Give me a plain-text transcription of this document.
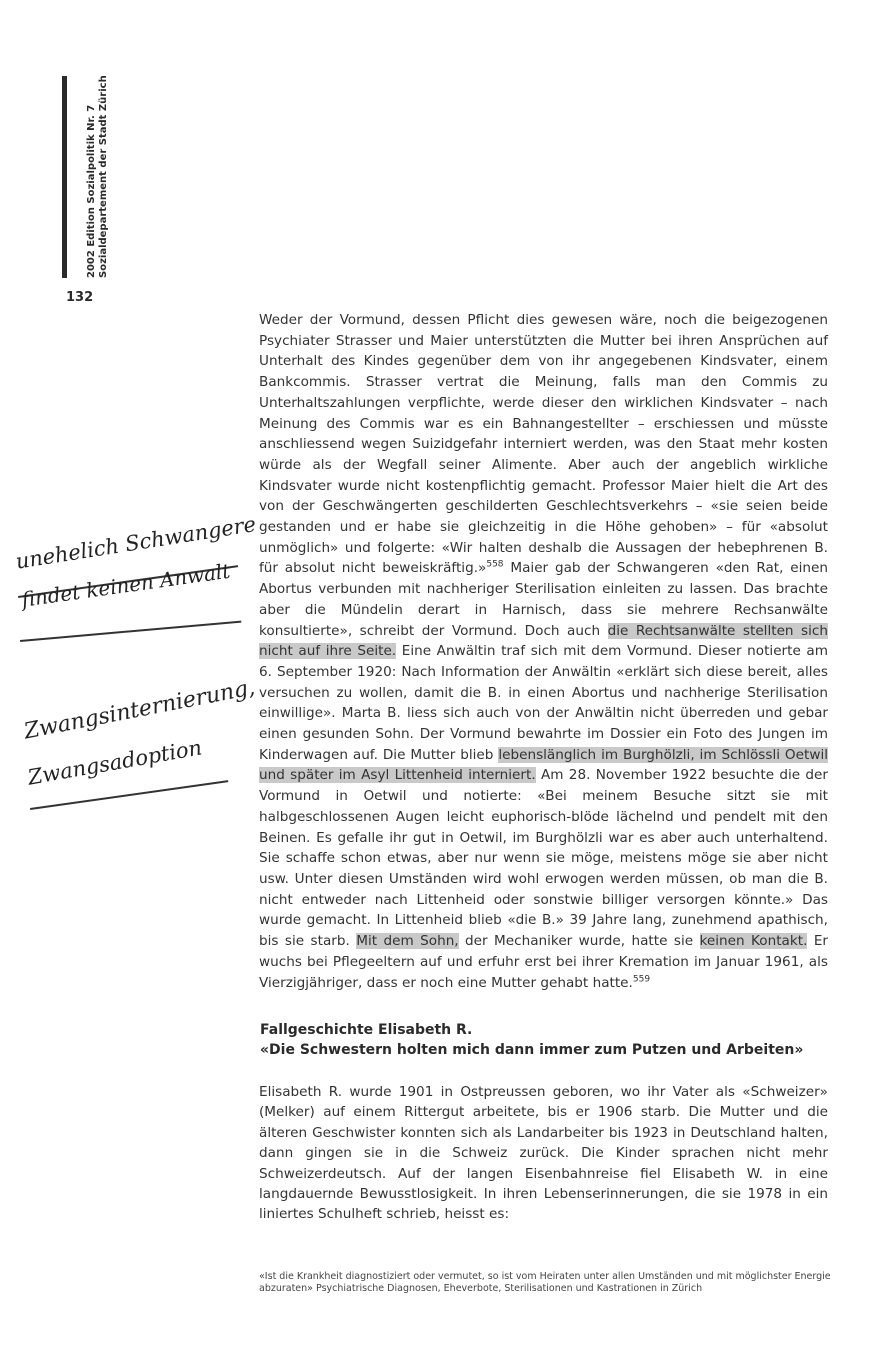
2002 Edition Sozialpolitik Nr. 7 Sozialdepartement der Stadt Zürich
132
unehelich Schwangere
findet keinen Anwalt
Zwangsinternierung,
Zwangsadoption

Weder der Vormund, dessen Pflicht dies gewesen wäre, noch die beigezogenen Psychiater Strasser und Maier unterstützten die Mutter bei ihren Ansprüchen auf Unterhalt des Kindes gegenüber dem von ihr angegebenen Kindsvater, einem Bankcommis. Strasser vertrat die Meinung, falls man den Commis zu Unterhaltszahlungen verpflichte, werde dieser den wirklichen Kindsvater – nach Meinung des Commis war es ein Bahnangestellter – erschiessen und müsste anschliessend wegen Suizidgefahr interniert werden, was den Staat mehr kosten würde als der Wegfall seiner Alimente. Aber auch der angeblich wirkliche Kindsvater wurde nicht kostenpflichtig gemacht. Professor Maier hielt die Art des von der Geschwängerten geschilderten Geschlechtsverkehrs – «sie seien beide gestanden und er habe sie gleichzeitig in die Höhe gehoben» – für «absolut unmöglich» und folgerte: «Wir halten deshalb die Aussagen der hebephrenen B. für absolut nicht beweiskräftig.»$^{558}$ Maier gab der Schwangeren «den Rat, einen Abortus verbunden mit nachheriger Sterilisation einleiten zu lassen. Das brachte aber die Mündelin derart in Harnisch, dass sie mehrere Rechsanwälte konsultierte», schreibt der Vormund. Doch auch die Rechtsanwälte stellten sich nicht auf ihre Seite. Eine Anwältin traf sich mit dem Vormund. Dieser notierte am 6. September 1920: Nach Information der Anwältin «erklärt sich diese bereit, alles versuchen zu wollen, damit die B. in einen Abortus und nachherige Sterilisation einwillige». Marta B. liess sich auch von der Anwältin nicht überreden und gebar einen gesunden Sohn. Der Vormund bewahrte im Dossier ein Foto des Jungen im Kinderwagen auf. Die Mutter blieb lebenslänglich im Burghölzli, im Schlössli Oetwil und später im Asyl Littenheid interniert. Am 28. November 1922 besuchte die der Vormund in Oetwil und notierte: «Bei meinem Besuche sitzt sie mit halbgeschlossenen Augen leicht euphorisch-blöde lächelnd und pendelt mit den Beinen. Es gefalle ihr gut in Oetwil, im Burghölzli war es aber auch unterhaltend. Sie schaffe schon etwas, aber nur wenn sie möge, meistens möge sie aber nicht usw. Unter diesen Umständen wird wohl erwogen werden müssen, ob man die B. nicht entweder nach Littenheid oder sonstwie billiger versorgen könnte.» Das wurde gemacht. In Littenheid blieb «die B.» 39 Jahre lang, zunehmend apathisch, bis sie starb. Mit dem Sohn, der Mechaniker wurde, hatte sie keinen Kontakt. Er wuchs bei Pflegeeltern auf und erfuhr erst bei ihrer Kremation im Januar 1961, als Vierzigjähriger, dass er noch eine Mutter gehabt hatte.$^{559}$

Fallgeschichte Elisabeth R.
«Die Schwestern holten mich dann immer zum Putzen und Arbeiten»

Elisabeth R. wurde 1901 in Ostpreussen geboren, wo ihr Vater als «Schweizer» (Melker) auf einem Rittergut arbeitete, bis er 1906 starb. Die Mutter und die älteren Geschwister konnten sich als Landarbeiter bis 1923 in Deutschland halten, dann gingen sie in die Schweiz zurück. Die Kinder sprachen nicht mehr Schweizerdeutsch. Auf der langen Eisenbahnreise fiel Elisabeth W. in eine langdauernde Bewusstlosigkeit. In ihren Lebenserinnerungen, die sie 1978 in ein liniertes Schulheft schrieb, heisst es:

«Ist die Krankheit diagnostiziert oder vermutet, so ist vom Heiraten unter allen Umständen und mit möglichster Energie abzuraten» Psychiatrische Diagnosen, Eheverbote, Sterilisationen und Kastrationen in Zürich
